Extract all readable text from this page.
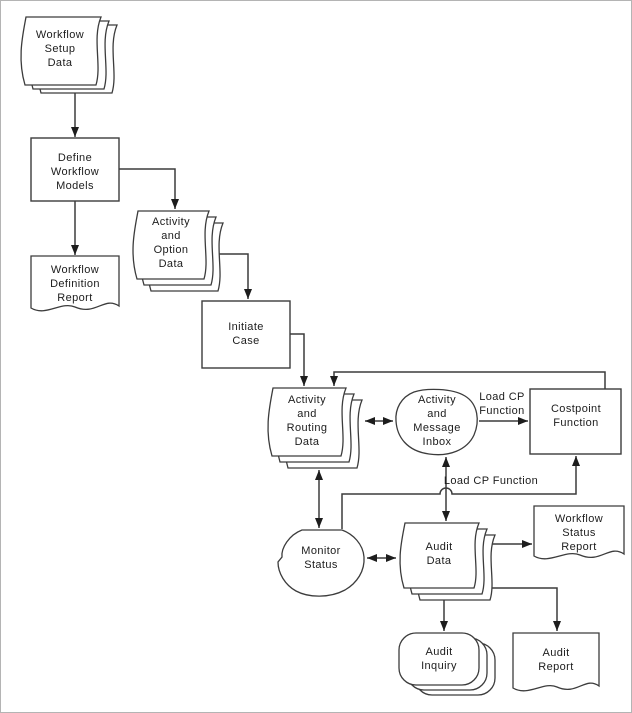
Workflow
Setup
Data
Define
Workflow
Models
Workflow
Definition
Report
Activity
and
Option
Data
Initiate
Case
Activity
and
Routing
Data
Activity
and
Message
Inbox
Costpoint
Function
Load CP
Function
Load CP Function
Monitor
Status
Audit
Data
Workflow
Status
Report
Audit
Inquiry
Audit
Report
